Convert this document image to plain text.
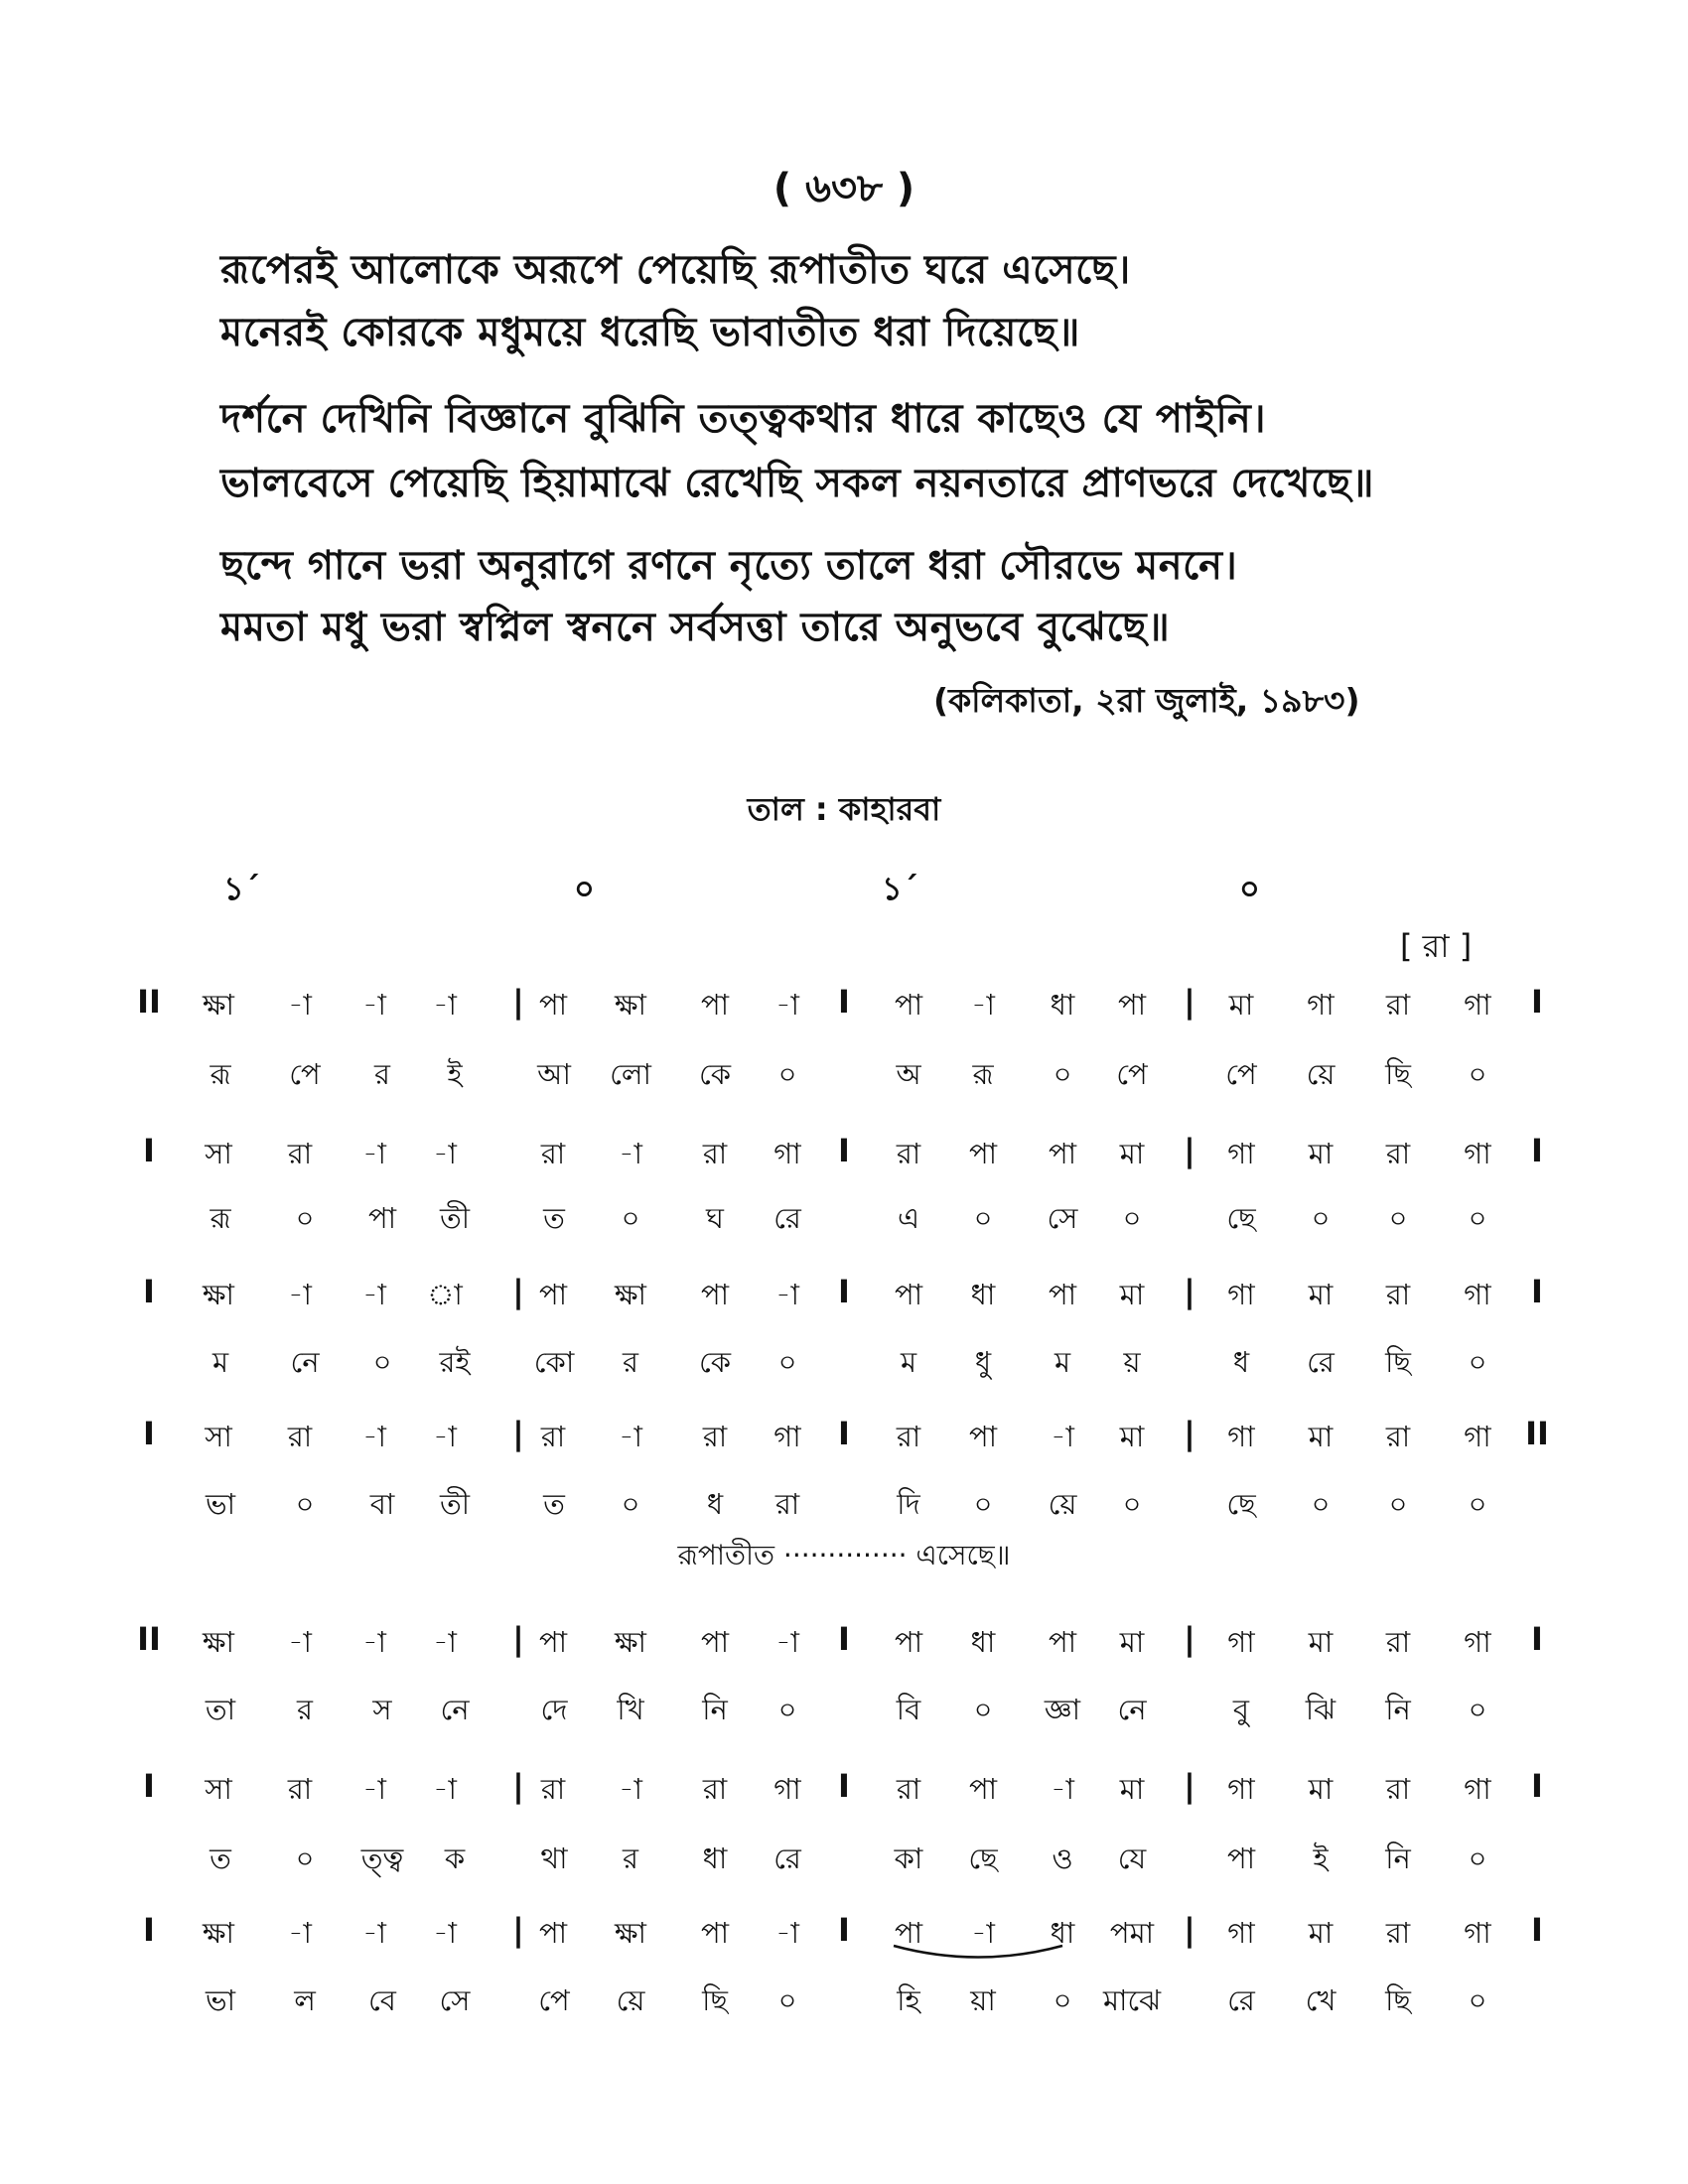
( ৬৩৮ )
রূপেরই আলোকে অরূপে পেয়েছি রূপাতীত ঘরে এসেছে।
মনেরই কোরকে মধুময়ে ধরেছি ভাবাতীত ধরা দিয়েছে॥
দর্শনে দেখিনি বিজ্ঞানে বুঝিনি তত্ত্বকথার ধারে কাছেও যে পাইনি।
ভালবেসে পেয়েছি হিয়ামাঝে রেখেছি সকল নয়নতারে প্রাণভরে দেখেছে॥
ছন্দে গানে ভরা অনুরাগে রণনে নৃত্যে তালে ধরা সৌরভে মননে।
মমতা মধু ভরা স্বপ্নিল স্বননে সর্বসত্তা তারে অনুভবে বুঝেছে॥
(কলিকাতা, ২রা জুলাই, ১৯৮৩)
তাল : কাহারবা
১´	০	১´	০
[ রা ]
II ক্ষা -া -া -া | পা ক্ষা পা -া I পা -া ধা পা | মা গা রা গা I
রূ পে র ই	আ লো কে ০	অ রূ ০ পে	পে য়ে ছি ০
I সা রা -া -া	রা -া রা গা I রা পা পা মা | গা মা রা গা I
রূ ০ পা তী	ত ০ ঘ রে	এ ০ সে ০	ছে ০ ০ ০
I ক্ষা -া -া া | পা ক্ষা পা -া I পা ধা পা মা | গা মা রা গা I
ম নে ০ রই কো র কে ০	ম ধু ম য়	ধ রে ছি ০
I সা রা -া -া | রা -া রা গা I রা পা -া মা | গা মা রা গা II
ভা ০ বা তী	ত ০ ধ রা	দি ০ য়ে ০	ছে ০ ০ ০
II ক্ষা -া -া -া | পা ক্ষা পা -া I পা ধা পা মা | গা মা রা গা I
তা র স নে দে খি নি ০	বি ০ জ্ঞা নে	বু ঝি নি ০
I সা রা -া -া | রা -া রা গা I রা পা -া মা | গা মা রা গা I
ত ০ ত্ত্ব ক	থা র ধা রে	কা ছে ও যে	পা ই নি ০
I ক্ষা -া -া -া | পা ক্ষা পা -া I পা -া ধা পমা | গা মা রা গা I
ভা ল বে সে পে য়ে ছি ০	হি য়া ০ মাঝে রে খে ছি ০
রূপাতীত ·············· এসেছে॥
